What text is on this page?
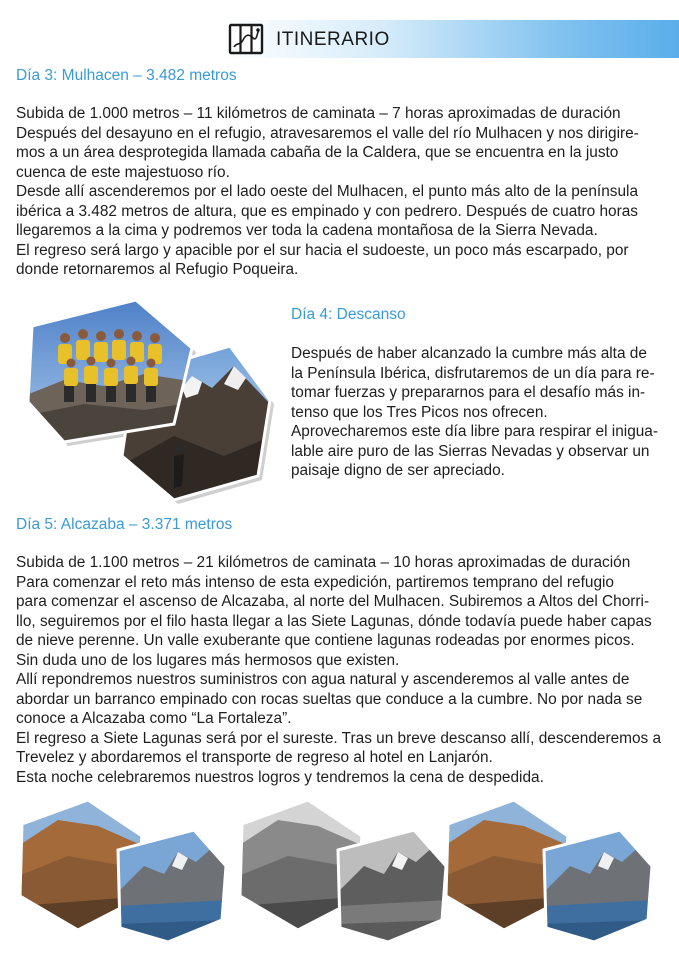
ITINERARIO
Día 3: Mulhacen – 3.482 metros
Subida de 1.000 metros – 11 kilómetros de caminata – 7 horas aproximadas de duración
Después del desayuno en el refugio, atravesaremos el valle del río Mulhacen y nos dirigire-
mos a un área desprotegida llamada cabaña de la Caldera, que se encuentra en la justo
cuenca de este majestuoso río.
Desde allí ascenderemos por el lado oeste del Mulhacen, el punto más alto de la península
ibérica a 3.482 metros de altura, que es empinado y con pedrero. Después de cuatro horas
llegaremos a la cima y podremos ver toda la cadena montañosa de la Sierra Nevada.
El regreso será largo y apacible por el sur hacia el sudoeste, un poco más escarpado, por
donde retornaremos al Refugio Poqueira.
Día 4: Descanso
Después de haber alcanzado la cumbre más alta de
la Península Ibérica, disfrutaremos de un día para re-
tomar fuerzas y prepararnos para el desafío más in-
tenso que los Tres Picos nos ofrecen.
Aprovecharemos este día libre para respirar el inigua-
lable aire puro de las Sierras Nevadas y observar un
paisaje digno de ser apreciado.
Día 5: Alcazaba – 3.371 metros
Subida de 1.100 metros – 21 kilómetros de caminata – 10 horas aproximadas de duración
Para comenzar el reto más intenso de esta expedición, partiremos temprano del refugio
para comenzar el ascenso de Alcazaba, al norte del Mulhacen. Subiremos a Altos del Chorri-
llo, seguiremos por el filo hasta llegar a las Siete Lagunas, dónde todavía puede haber capas
de nieve perenne. Un valle exuberante que contiene lagunas rodeadas por enormes picos.
Sin duda uno de los lugares más hermosos que existen.
Allí repondremos nuestros suministros con agua natural y ascenderemos al valle antes de
abordar un barranco empinado con rocas sueltas que conduce a la cumbre. No por nada se
conoce a Alcazaba como “La Fortaleza”.
El regreso a Siete Lagunas será por el sureste. Tras un breve descanso allí, descenderemos a
Trevelez y abordaremos el transporte de regreso al hotel en Lanjarón.
Esta noche celebraremos nuestros logros y tendremos la cena de despedida.
